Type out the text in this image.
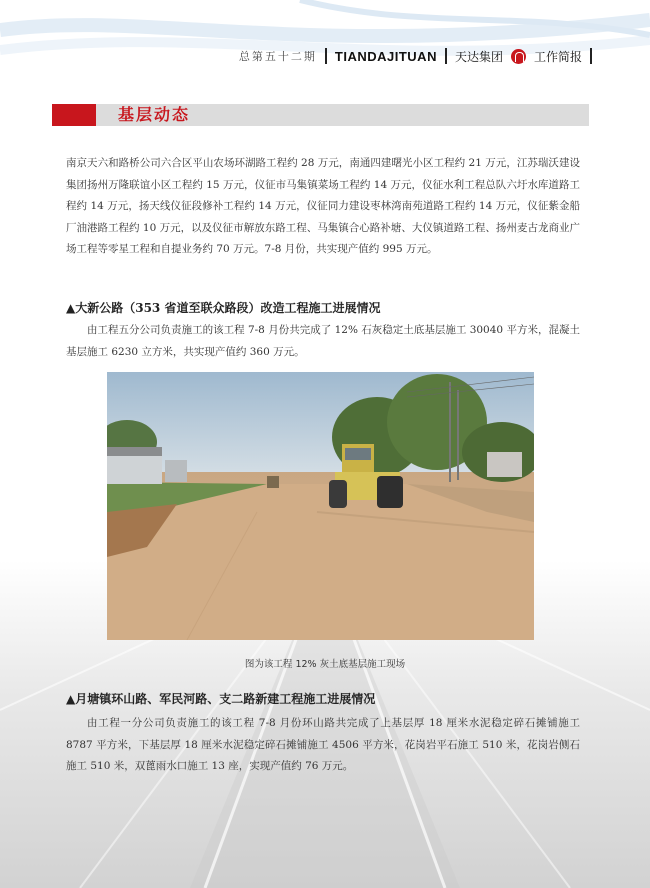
总第五十二期 TIANDAJITUAN 天达集团	工作简报
基层动态

南京天六和路桥公司六合区平山农场环湖路工程约 28 万元，南通四建曙光小区工程约 21 万元，江苏瑞沃建设集团扬州万隆联谊小区工程约 15 万元，仪征市马集镇菜场工程约 14 万元，仪征水利工程总队六圩水库道路工程约 14 万元，扬天线仪征段修补工程约 14 万元，仪征同力建设枣林湾南苑道路工程约 14 万元，仪征紫金船厂油港路工程约 10 万元，以及仪征市解放东路工程、马集镇合心路补塘、大仪镇道路工程、扬州麦古龙商业广场工程等零星工程和自提业务约 70 万元。7-8 月份，共实现产值约 995 万元。

▲大新公路（353 省道至联众路段）改造工程施工进展情况

由工程五分公司负责施工的该工程 7-8 月份共完成了 12% 石灰稳定土底基层施工 30040 平方米，混凝土基层施工 6230 立方米，共实现产值约 360 万元。

图为该工程 12% 灰土底基层施工现场

▲月塘镇环山路、军民河路、支二路新建工程施工进展情况

由工程一分公司负责施工的该工程 7-8 月份环山路共完成了上基层厚 18 厘米水泥稳定碎石摊铺施工 8787 平方米，下基层厚 18 厘米水泥稳定碎石摊铺施工 4506 平方米，花岗岩平石施工 510 米，花岗岩侧石施工 510 米，双蓖雨水口施工 13 座，实现产值约 76 万元。
